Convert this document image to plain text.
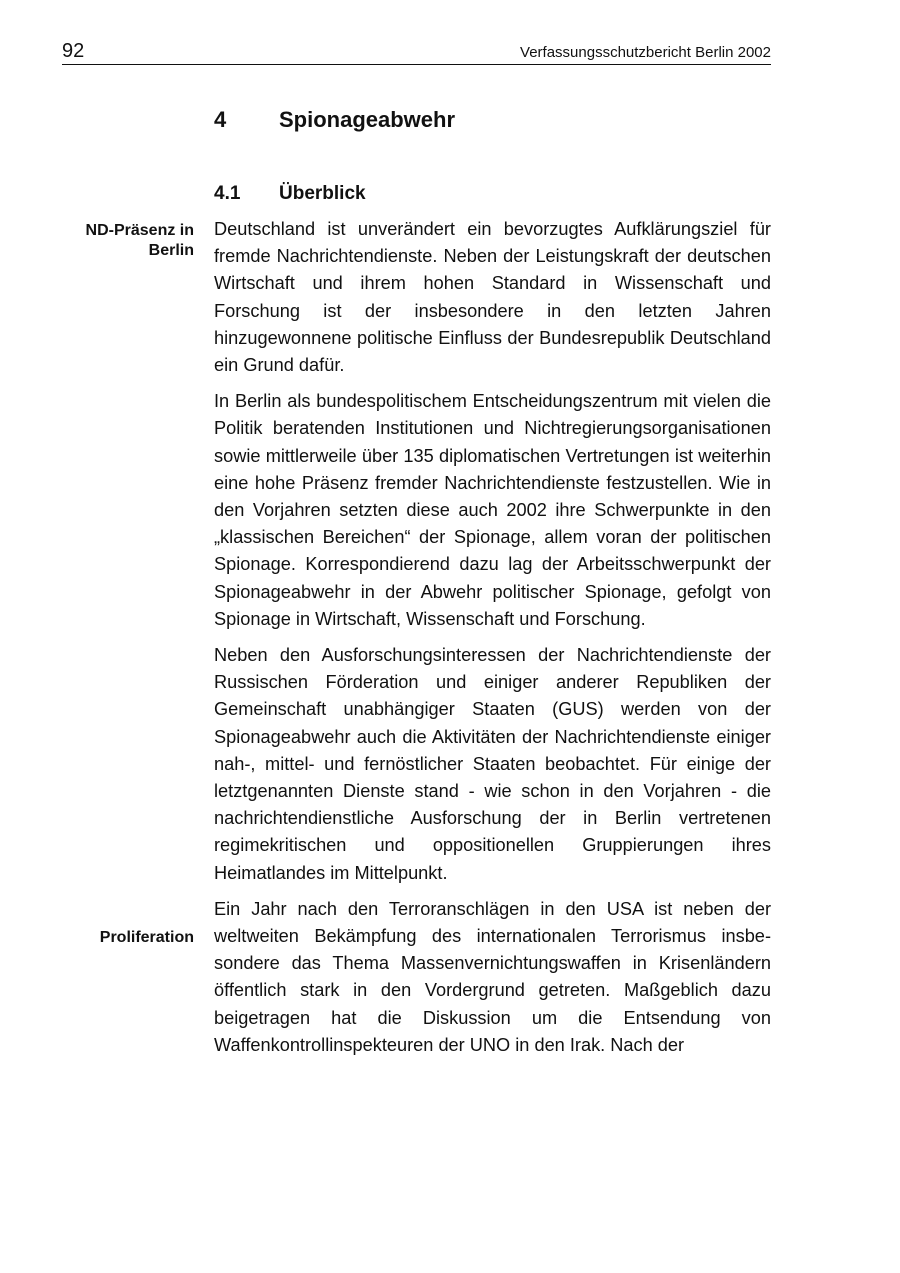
92	Verfassungsschutzbericht Berlin 2002
4 Spionageabwehr
4.1 Überblick
ND-Präsenz in
Berlin
Proliferation

Deutschland ist unverändert ein bevorzugtes Aufklärungsziel für fremde Nachrichtendienste. Neben der Leistungskraft der deutschen Wirtschaft und ihrem hohen Standard in Wissenschaft und Forschung ist der insbesondere in den letzten Jahren hinzugewonnene politische Einfluss der Bundesrepublik Deutschland ein Grund dafür.

In Berlin als bundespolitischem Entscheidungszentrum mit vielen die Politik beratenden Institutionen und Nichtregierungsorganisationen sowie mittlerweile über 135 diplomatischen Vertretungen ist weiterhin eine hohe Präsenz fremder Nachrichtendienste festzustellen. Wie in den Vorjahren setzten diese auch 2002 ihre Schwerpunkte in den „klassischen Bereichen“ der Spionage, allem voran der politischen Spionage. Korrespondierend dazu lag der Arbeitsschwerpunkt der Spionageabwehr in der Abwehr politischer Spionage, gefolgt von Spionage in Wirtschaft, Wissenschaft und Forschung.

Neben den Ausforschungsinteressen der Nachrichtendienste der Russischen Förderation und einiger anderer Republiken der Gemeinschaft unabhängiger Staaten (GUS) werden von der Spionageabwehr auch die Aktivitäten der Nachrichtendienste einiger nah-, mittel- und fernöstlicher Staaten beobachtet. Für einige der letztgenannten Dienste stand - wie schon in den Vorjahren - die nachrichtendienstliche Ausforschung der in Berlin vertretenen regimekritischen und oppositionellen Gruppierungen ihres Heimatlandes im Mittelpunkt.

Ein Jahr nach den Terroranschlägen in den USA ist neben der weltweiten Bekämpfung des internationalen Terrorismus insbesondere das Thema Massenvernichtungswaffen in Krisenländern öffentlich stark in den Vordergrund getreten. Maßgeblich dazu beigetragen hat die Diskussion um die Entsendung von Waffenkontrollinspekteuren der UNO in den Irak. Nach der
